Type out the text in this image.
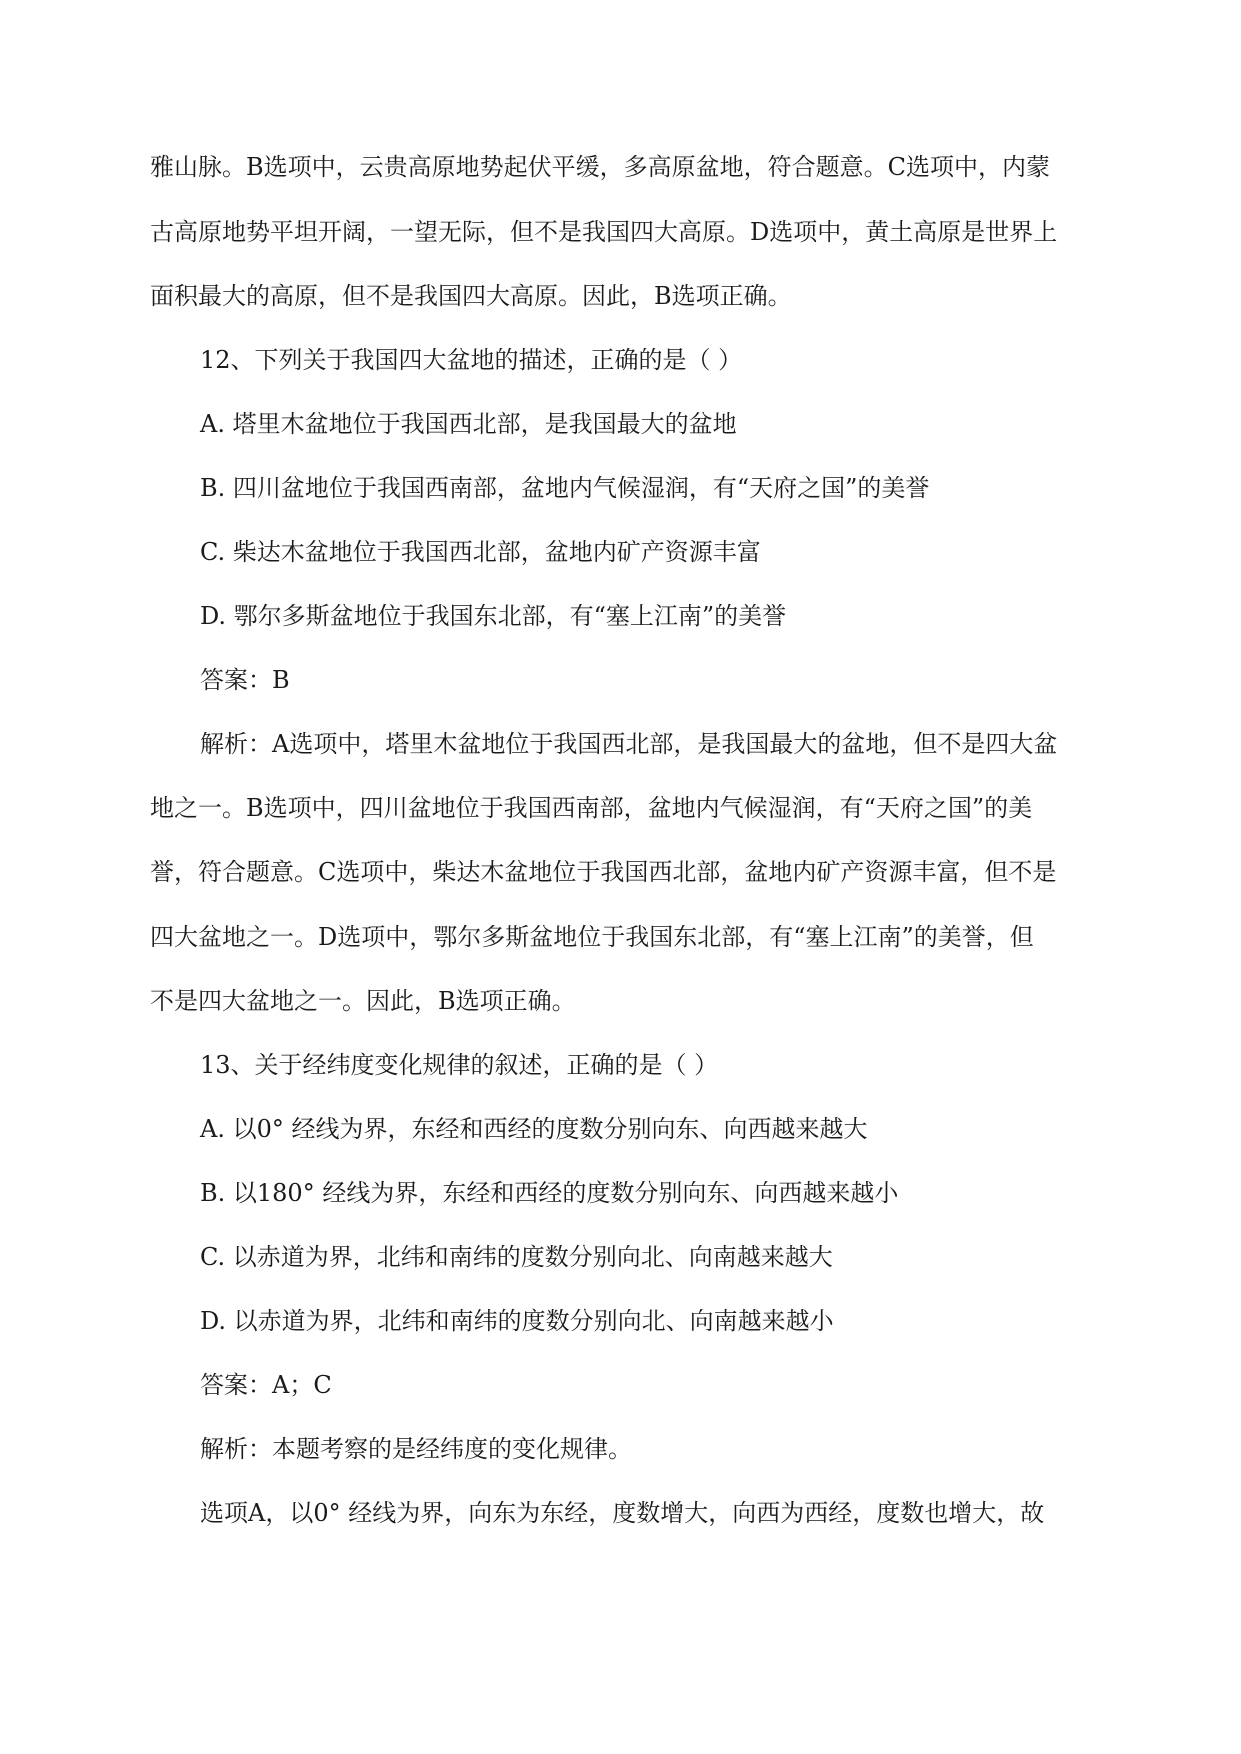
雅山脉。B选项中，云贵高原地势起伏平缓，多高原盆地，符合题意。C选项中，内蒙
古高原地势平坦开阔，一望无际，但不是我国四大高原。D选项中，黄土高原是世界上
面积最大的高原，但不是我国四大高原。因此，B选项正确。
12、下列关于我国四大盆地的描述，正确的是（ ）
A. 塔里木盆地位于我国西北部，是我国最大的盆地
B. 四川盆地位于我国西南部，盆地内气候湿润，有“天府之国”的美誉
C. 柴达木盆地位于我国西北部，盆地内矿产资源丰富
D. 鄂尔多斯盆地位于我国东北部，有“塞上江南”的美誉
答案：B
解析：A选项中，塔里木盆地位于我国西北部，是我国最大的盆地，但不是四大盆
地之一。B选项中，四川盆地位于我国西南部，盆地内气候湿润，有“天府之国”的美
誉，符合题意。C选项中，柴达木盆地位于我国西北部，盆地内矿产资源丰富，但不是
四大盆地之一。D选项中，鄂尔多斯盆地位于我国东北部，有“塞上江南”的美誉，但
不是四大盆地之一。因此，B选项正确。
13、关于经纬度变化规律的叙述，正确的是（ ）
A. 以0° 经线为界，东经和西经的度数分别向东、向西越来越大
B. 以180° 经线为界，东经和西经的度数分别向东、向西越来越小
C. 以赤道为界，北纬和南纬的度数分别向北、向南越来越大
D. 以赤道为界，北纬和南纬的度数分别向北、向南越来越小
答案：A；C
解析：本题考察的是经纬度的变化规律。
选项A，以0° 经线为界，向东为东经，度数增大，向西为西经，度数也增大，故
